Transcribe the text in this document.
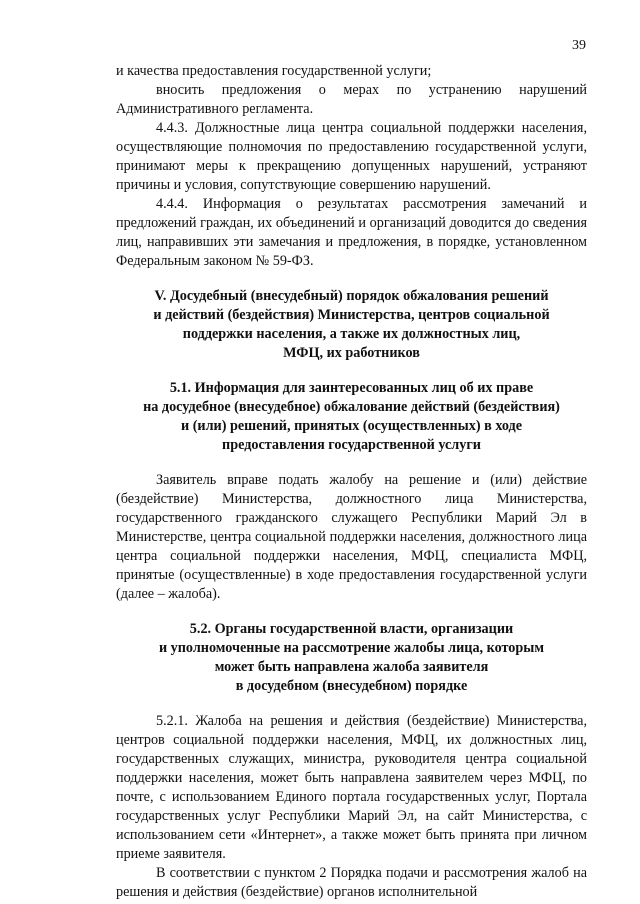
39

и качества предоставления государственной услуги;

вносить предложения о мерах по устранению нарушений Административного регламента.

4.4.3. Должностные лица центра социальной поддержки населения, осуществляющие полномочия по предоставлению государственной услуги, принимают меры к прекращению допущенных нарушений, устраняют причины и условия, сопутствующие совершению нарушений.

4.4.4. Информация о результатах рассмотрения замечаний и предложений граждан, их объединений и организаций доводится до сведения лиц, направивших эти замечания и предложения, в порядке, установленном Федеральным законом № 59-ФЗ.

V. Досудебный (внесудебный) порядок обжалования решений
и действий (бездействия) Министерства, центров социальной
поддержки населения, а также их должностных лиц,
МФЦ, их работников
5.1. Информация для заинтересованных лиц об их праве
на досудебное (внесудебное) обжалование действий (бездействия)
и (или) решений, принятых (осуществленных) в ходе
предоставления государственной услуги

Заявитель вправе подать жалобу на решение и (или) действие (бездействие) Министерства, должностного лица Министерства, государственного гражданского служащего Республики Марий Эл в Министерстве, центра социальной поддержки населения, должностного лица центра социальной поддержки населения, МФЦ, специалиста МФЦ, принятые (осуществленные) в ходе предоставления государственной услуги (далее – жалоба).

5.2. Органы государственной власти, организации
и уполномоченные на рассмотрение жалобы лица, которым
может быть направлена жалоба заявителя
в досудебном (внесудебном) порядке

5.2.1. Жалоба на решения и действия (бездействие) Министерства, центров социальной поддержки населения, МФЦ, их должностных лиц, государственных служащих, министра, руководителя центра социальной поддержки населения, может быть направлена заявителем через МФЦ, по почте, с использованием Единого портала государственных услуг, Портала государственных услуг Республики Марий Эл, на сайт Министерства, с использованием сети «Интернет», а также может быть принята при личном приеме заявителя.

В соответствии с пунктом 2 Порядка подачи и рассмотрения жалоб на решения и действия (бездействие) органов исполнительной
